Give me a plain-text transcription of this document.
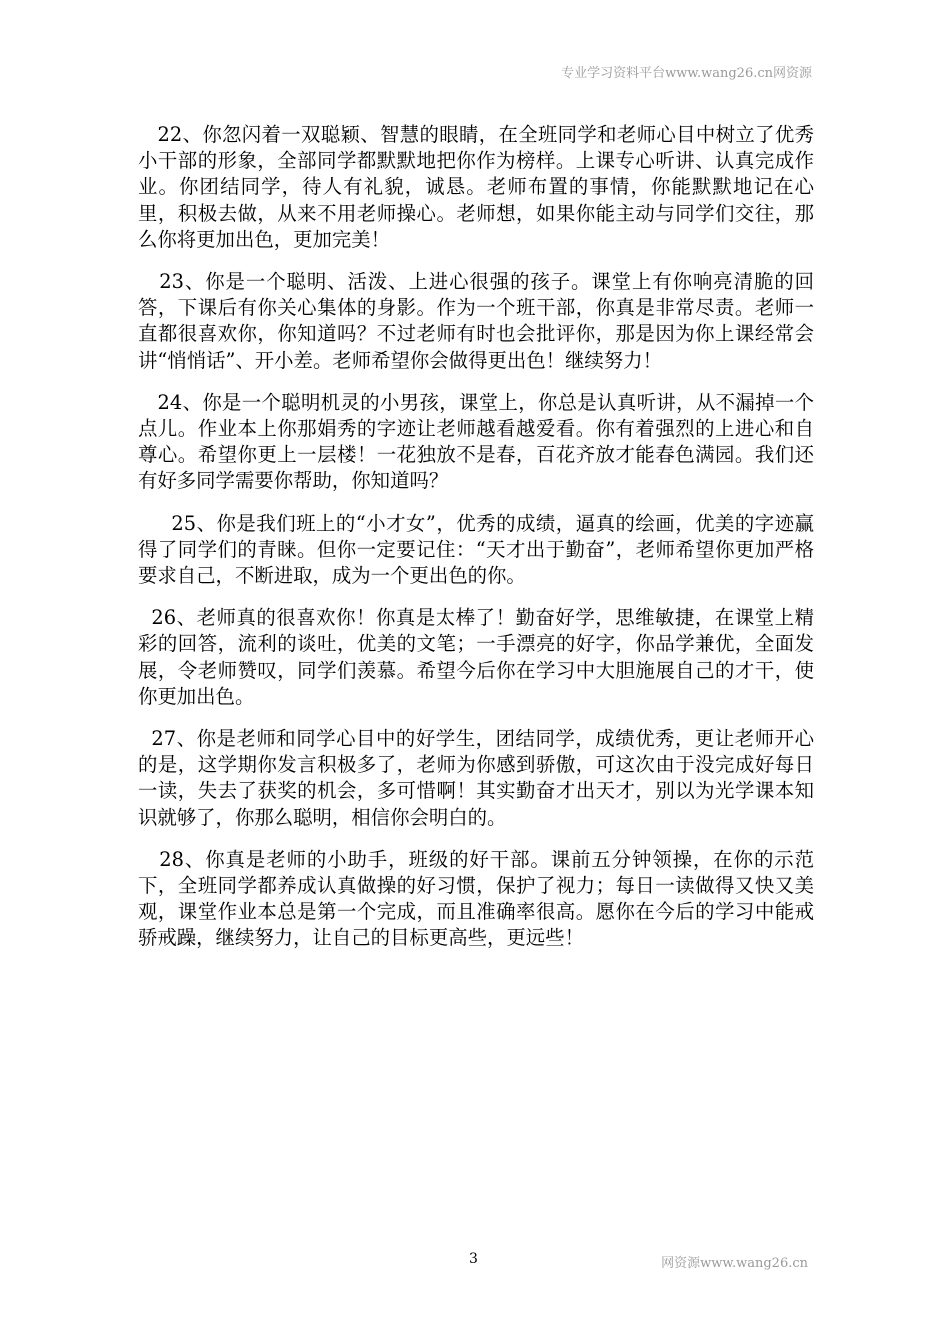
专业学习资料平台www.wang26.cn网资源

22、你忽闪着一双聪颖、智慧的眼睛，在全班同学和老师心目中树立了优秀小干部的形象，全部同学都默默地把你作为榜样。上课专心听讲、认真完成作业。你团结同学，待人有礼貌，诚恳。老师布置的事情，你能默默地记在心里，积极去做，从来不用老师操心。老师想，如果你能主动与同学们交往，那么你将更加出色，更加完美！

23、你是一个聪明、活泼、上进心很强的孩子。课堂上有你响亮清脆的回答，下课后有你关心集体的身影。作为一个班干部，你真是非常尽责。老师一直都很喜欢你，你知道吗？不过老师有时也会批评你，那是因为你上课经常会讲“悄悄话”、开小差。老师希望你会做得更出色！继续努力！

24、你是一个聪明机灵的小男孩，课堂上，你总是认真听讲，从不漏掉一个点儿。作业本上你那娟秀的字迹让老师越看越爱看。你有着强烈的上进心和自尊心。希望你更上一层楼！一花独放不是春，百花齐放才能春色满园。我们还有好多同学需要你帮助，你知道吗？

25、你是我们班上的“小才女”，优秀的成绩，逼真的绘画，优美的字迹赢得了同学们的青睐。但你一定要记住：“天才出于勤奋”，老师希望你更加严格要求自己，不断进取，成为一个更出色的你。

26、老师真的很喜欢你！你真是太棒了！勤奋好学，思维敏捷，在课堂上精彩的回答，流利的谈吐，优美的文笔；一手漂亮的好字，你品学兼优，全面发展，令老师赞叹，同学们羡慕。希望今后你在学习中大胆施展自己的才干，使你更加出色。

27、你是老师和同学心目中的好学生，团结同学，成绩优秀，更让老师开心的是，这学期你发言积极多了，老师为你感到骄傲，可这次由于没完成好每日一读，失去了获奖的机会，多可惜啊！其实勤奋才出天才，别以为光学课本知识就够了，你那么聪明，相信你会明白的。

28、你真是老师的小助手，班级的好干部。课前五分钟领操，在你的示范下，全班同学都养成认真做操的好习惯，保护了视力；每日一读做得又快又美观，课堂作业本总是第一个完成，而且准确率很高。愿你在今后的学习中能戒骄戒躁，继续努力，让自己的目标更高些，更远些！

3	网资源www.wang26.cn
